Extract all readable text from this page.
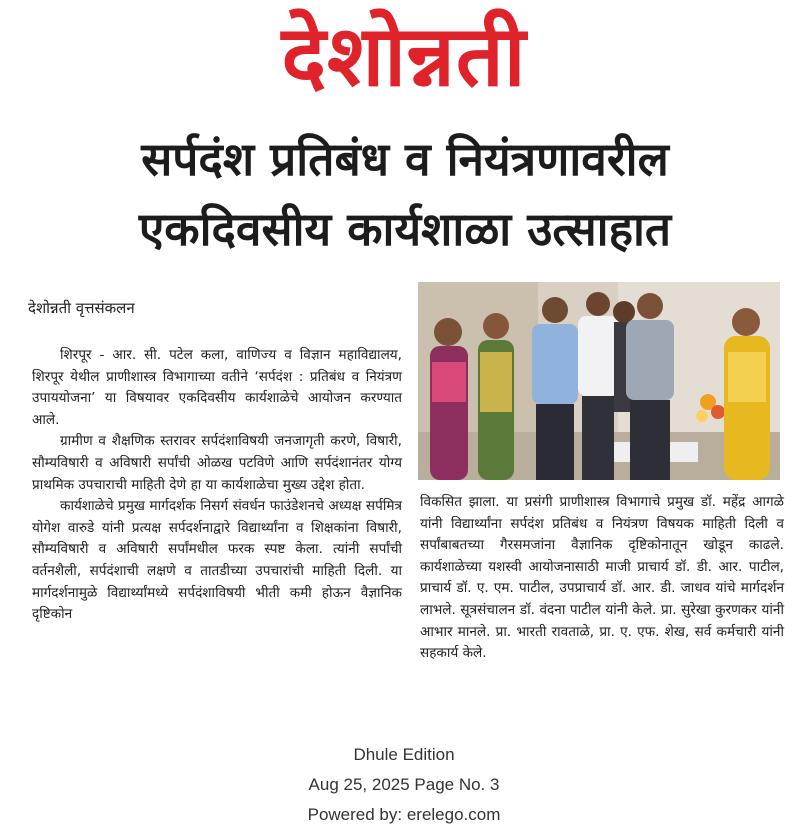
देशोन्नती
सर्पदंश प्रतिबंध व नियंत्रणावरील
एकदिवसीय कार्यशाळा उत्साहात
देशोन्नती वृत्तसंकलन

शिरपूर - आर. सी. पटेल कला, वाणिज्य व विज्ञान महाविद्यालय, शिरपूर येथील प्राणीशास्त्र विभागाच्या वतीने ‘सर्पदंश : प्रतिबंध व नियंत्रण उपाययोजना’ या विषयावर एकदिवसीय कार्यशाळेचे आयोजन करण्यात आले.

ग्रामीण व शैक्षणिक स्तरावर सर्पदंशाविषयी जनजागृती करणे, विषारी, सौम्यविषारी व अविषारी सर्पांची ओळख पटविणे आणि सर्पदंशानंतर योग्य प्राथमिक उपचाराची माहिती देणे हा या कार्यशाळेचा मुख्य उद्देश होता.

कार्यशाळेचे प्रमुख मार्गदर्शक निसर्ग संवर्धन फाउंडेशनचे अध्यक्ष सर्पमित्र योगेश वारुडे यांनी प्रत्यक्ष सर्पदर्शनाद्वारे विद्यार्थ्यांना व शिक्षकांना विषारी, सौम्यविषारी व अविषारी सर्पांमधील फरक स्पष्ट केला. त्यांनी सर्पांची वर्तनशैली, सर्पदंशाची लक्षणे व तातडीच्या उपचारांची माहिती दिली. या मार्गदर्शनामुळे विद्यार्थ्यांमध्ये सर्पदंशाविषयी भीती कमी होऊन वैज्ञानिक दृष्टिकोन

विकसित झाला. या प्रसंगी प्राणीशास्त्र विभागाचे प्रमुख डॉ. महेंद्र आगळे यांनी विद्यार्थ्यांना सर्पदंश प्रतिबंध व नियंत्रण विषयक माहिती दिली व सर्पांबाबतच्या गैरसमजांना वैज्ञानिक दृष्टिकोनातून खोडून काढले. कार्यशाळेच्या यशस्वी आयोजनासाठी माजी प्राचार्य डॉ. डी. आर. पाटील, प्राचार्य डॉ. ए. एम. पाटील, उपप्राचार्य डॉ. आर. डी. जाधव यांचे मार्गदर्शन लाभले. सूत्रसंचालन डॉ. वंदना पाटील यांनी केले. प्रा. सुरेखा कुरणकर यांनी आभार मानले. प्रा. भारती रावताळे, प्रा. ए. एफ. शेख, सर्व कर्मचारी यांनी सहकार्य केले.

Dhule Edition
Aug 25, 2025 Page No. 3
Powered by: erelego.com
